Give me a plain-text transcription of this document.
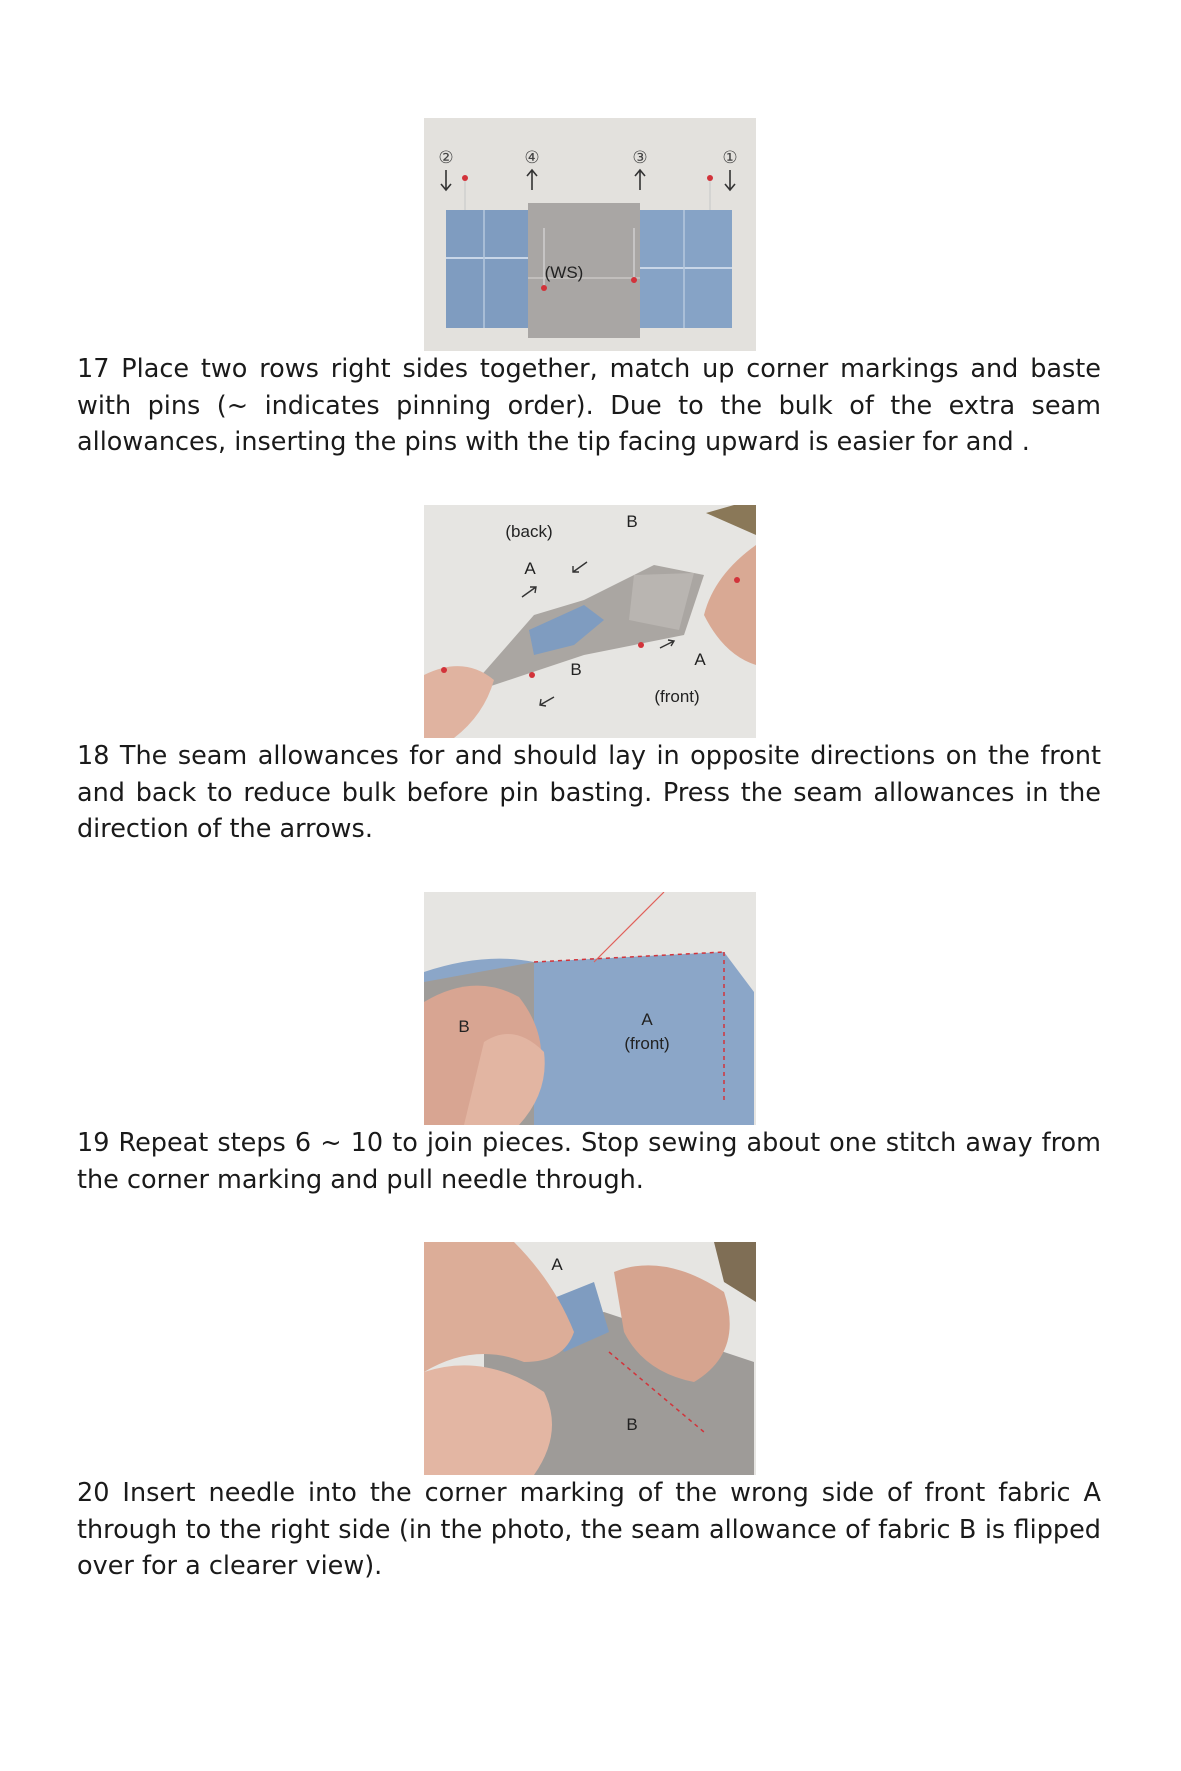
②	④	③	①
(WS)

17 Place two rows right sides together, match up corner markings and baste with pins (~ indicates pinning order). Due to the bulk of the extra seam allowances, inserting the pins with the tip facing upward is easier for and .

(back)
B
A
B
A
(front)

18 The seam allowances for and should lay in opposite directions on the front and back to reduce bulk before pin basting. Press the seam allowances in the direction of the arrows.

B	A
(front)

19 Repeat steps 6 ~ 10 to join pieces. Stop sewing about one stitch away from the corner marking and pull needle through.

A
B

20 Insert needle into the corner marking of the wrong side of front fabric A through to the right side (in the photo, the seam allowance of fabric B is flipped over for a clearer view).
